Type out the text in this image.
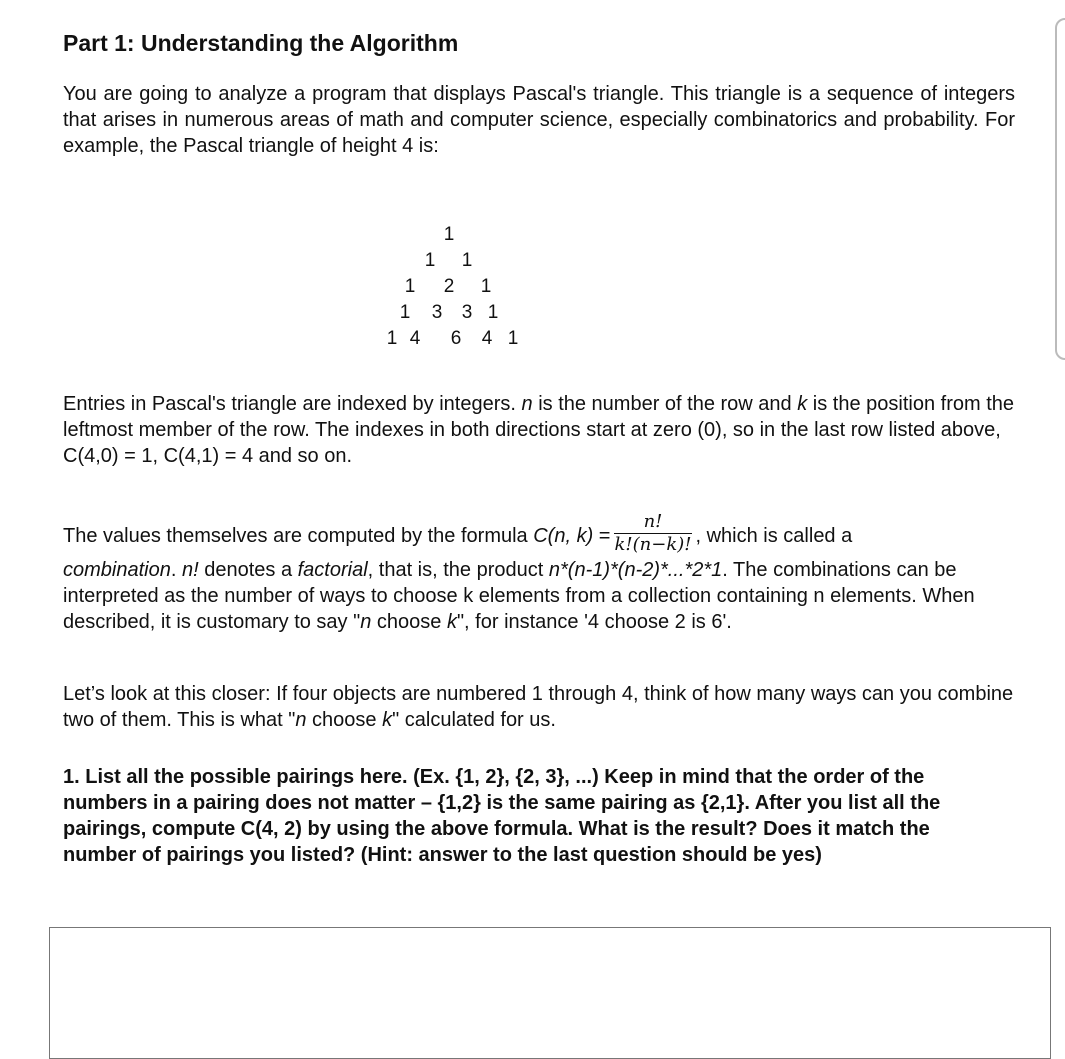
Part 1: Understanding the Algorithm

You are going to analyze a program that displays Pascal's triangle. This triangle is a sequence of integers that arises in numerous areas of math and computer science, especially combinatorics and probability. For example, the Pascal triangle of height 4 is:

1
1 1
1 2 1
1 3 3 1
1 4 6 4 1

Entries in Pascal's triangle are indexed by integers. n is the number of the row and k is the position from the leftmost member of the row. The indexes in both directions start at zero (0), so in the last row listed above, C(4,0) = 1, C(4,1) = 4 and so on.

The values themselves are computed by the formula C(n, $k) = \frac{n!}{k!(n-k)!}$ , which is called a
combination. n! denotes a factorial, that is, the product n*(n-1)*(n-2)*...*2*1. The combinations can be interpreted as the number of ways to choose k elements from a collection containing n elements. When described, it is customary to say "n choose k", for instance '4 choose 2 is 6'.

Let’s look at this closer: If four objects are numbered 1 through 4, think of how many ways can you combine two of them. This is what "n choose k" calculated for us.

1. List all the possible pairings here. (Ex. {1, 2}, {2, 3}, ...) Keep in mind that the order of the numbers in a pairing does not matter – {1,2} is the same pairing as {2,1}. After you list all the pairings, compute C(4, 2) by using the above formula. What is the result? Does it match the number of pairings you listed? (Hint: answer to the last question should be yes)
